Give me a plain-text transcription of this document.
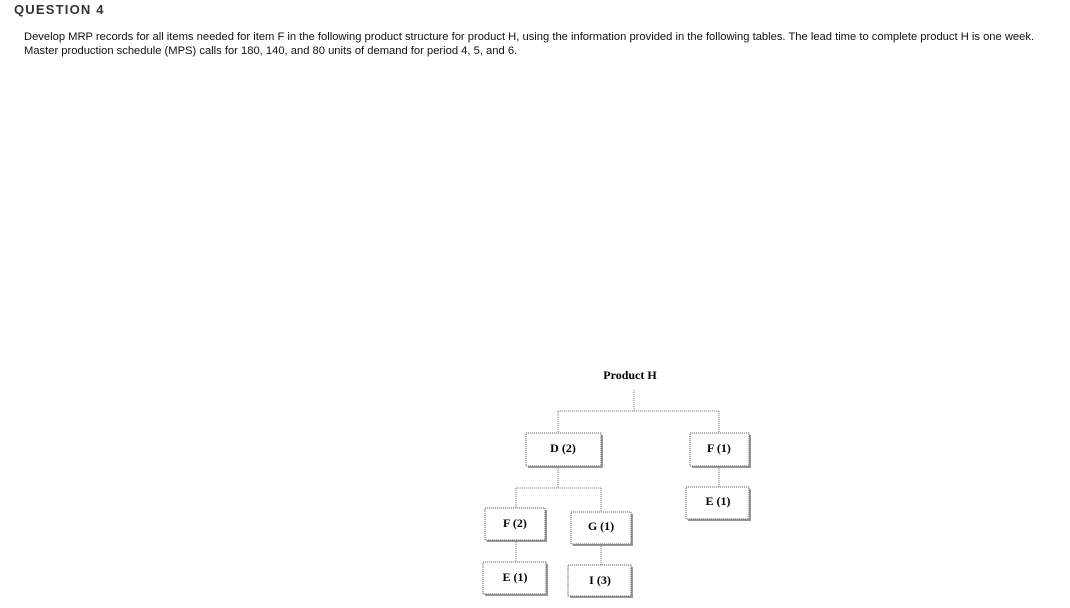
QUESTION 4
Develop MRP records for all items needed for item F in the following product structure for product H, using the information provided in the following tables. The lead time to complete product H is one week. Master production schedule (MPS) calls for 180, 140, and 80 units of demand for period 4, 5, and 6.
Product H
D (2)	F (1)
E (1)
F (2)	G (1)
E (1)	I (3)
